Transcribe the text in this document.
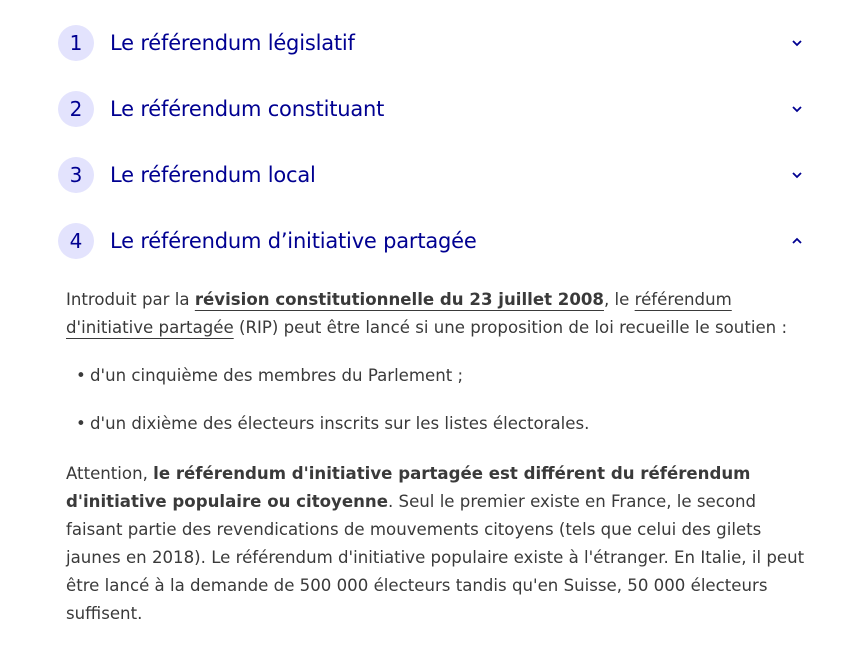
1	Le référendum législatif
2	Le référendum constituant
3	Le référendum local
4	Le référendum d’initiative partagée

Introduit par la révision constitutionnelle du 23 juillet 2008, le référendum d'initiative partagée (RIP) peut être lancé si une proposition de loi recueille le soutien :

• d'un cinquième des membres du Parlement ;
• d'un dixième des électeurs inscrits sur les listes électorales.

Attention, le référendum d'initiative partagée est différent du référendum d'initiative populaire ou citoyenne. Seul le premier existe en France, le second faisant partie des revendications de mouvements citoyens (tels que celui des gilets jaunes en 2018). Le référendum d'initiative populaire existe à l'étranger. En Italie, il peut être lancé à la demande de 500 000 électeurs tandis qu'en Suisse, 50 000 électeurs suffisent.
